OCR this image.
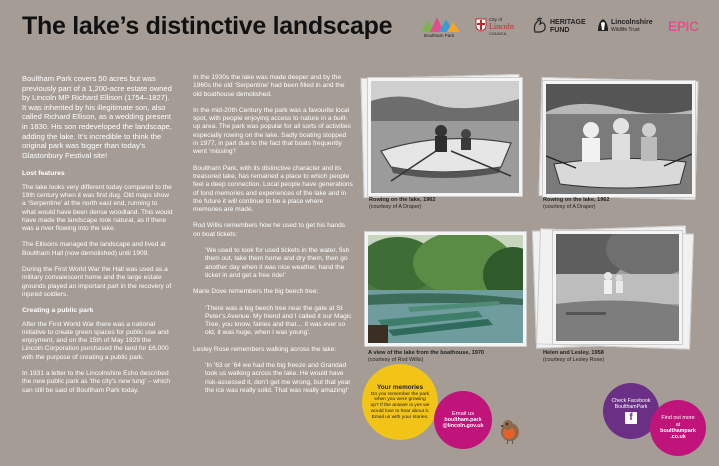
The lake’s distinctive landscape	Boultham Park
City of
Lincoln
COUNCIL
HERITAGE
FUND
Lincolnshire
Wildlife Trust EPIC

Boultham Park covers 50 acres but was previously part of a 1,200-acre estate owned by Lincoln MP Richard Ellison (1754–1827). It was inherited by his illegitimate son, also called Richard Ellison, as a wedding present in 1830. His son redeveloped the landscape, adding the lake. It’s incredible to think the original park was bigger than today’s Glastonbury Festival site!

Lost features

The lake looks very different today compared to the 19th century when it was first dug. Old maps show a ‘Serpentine’ at the north east end, running to what would have been dense woodland. This would have made the landscape look natural, as if there was a river flowing into the lake.

The Ellisons managed the landscape and lived at Boultham Hall (now demolished) until 1909.

During the First World War the Hall was used as a military convalescent home and the large estate grounds played an important part in the recovery of injured soldiers.

Creating a public park

After the First World War there was a national initiative to create green spaces for public use and enjoyment, and on the 15th of May 1929 the Lincoln Corporation purchased the land for £6,000 with the purpose of creating a public park.

In 1931 a letter to the Lincolnshire Echo described the new public park as ‘the city’s new lung’ – which can still be said of Boultham Park today.

In the 1930s the lake was made deeper and by the 1960s the old ‘Serpentine’ had been filled in and the old boathouse demolished.

In the mid-20th Century the park was a favourite local spot, with people enjoying access to nature in a built-up area. The park was popular for all sorts of activities especially rowing on the lake. Sadly boating stopped in 1977, in part due to the fact that boats frequently went ‘missing’!

Boultham Park, with its distinctive character and its treasured lake, has remained a place to which people feel a deep connection. Local people have generations of fond memories and experiences of the lake and in the future it will continue to be a place where memories are made.

Rod Willis remembers how he used to get his hands on boat tickets:

‘We used to look for used tickets in the water, fish them out, take them home and dry them, then go another day when it was nice weather, hand the ticket in and get a free ride!’

Marie Dove remembers the big beech tree:

‘There was a big beech tree near the gate at St Peter’s Avenue. My friend and I called it our Magic Tree, you know, fairies and that… it was ever so old, it was huge, when I was young’.

Lesley Rose remembers walking across the lake:

‘In ’63 or ’64 we had the big freeze and Grandad took us walking across the lake. He would have risk-assessed it, don’t get me wrong, but that year the ice was really solid. That was really amazing!’

Rowing on the lake, 1962
(courtesy of A Draper)
Rowing on the lake, 1962
(courtesy of A Draper)
A view of the lake from the boathouse, 1970
(courtesy of Rod Willis)
Helen and Lesley, 1958
(courtesy of Lesley Rose)
Your memories
Do you remember the park when you were growing up? If the answer is yes we would love to hear about it. Email us with your stories.
Email us
boultham.park @lincoln.gov.uk
Check Facebook BoulthamPark
f	Find out more at
boulthampark .co.uk
